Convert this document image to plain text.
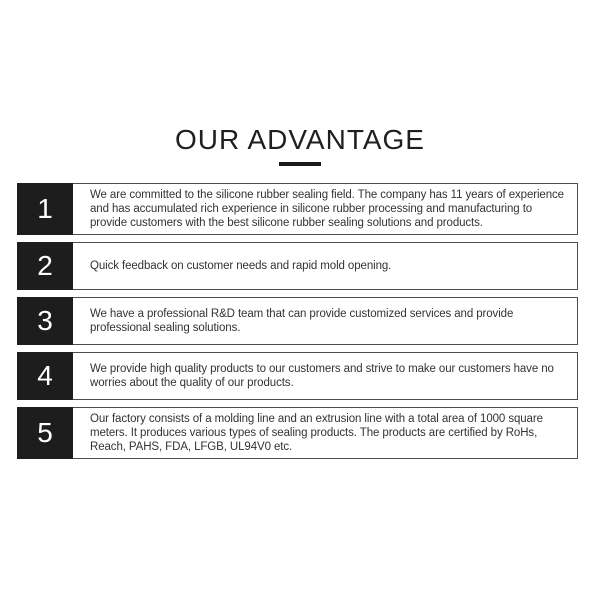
OUR ADVANTAGE
1	We are committed to the silicone rubber sealing field. The company has 11 years of experience and has accumulated rich experience in silicone rubber processing and manufacturing to provide customers with the best silicone rubber sealing solutions and products.
2	Quick feedback on customer needs and rapid mold opening.
3	We have a professional R&D team that can provide customized services and provide professional sealing solutions.
4	We provide high quality products to our customers and strive to make our customers have no worries about the quality of our products.
5	Our factory consists of a molding line and an extrusion line with a total area of 1000 square meters. It produces various types of sealing products. The products are certified by RoHs, Reach, PAHS, FDA, LFGB, UL94V0 etc.
